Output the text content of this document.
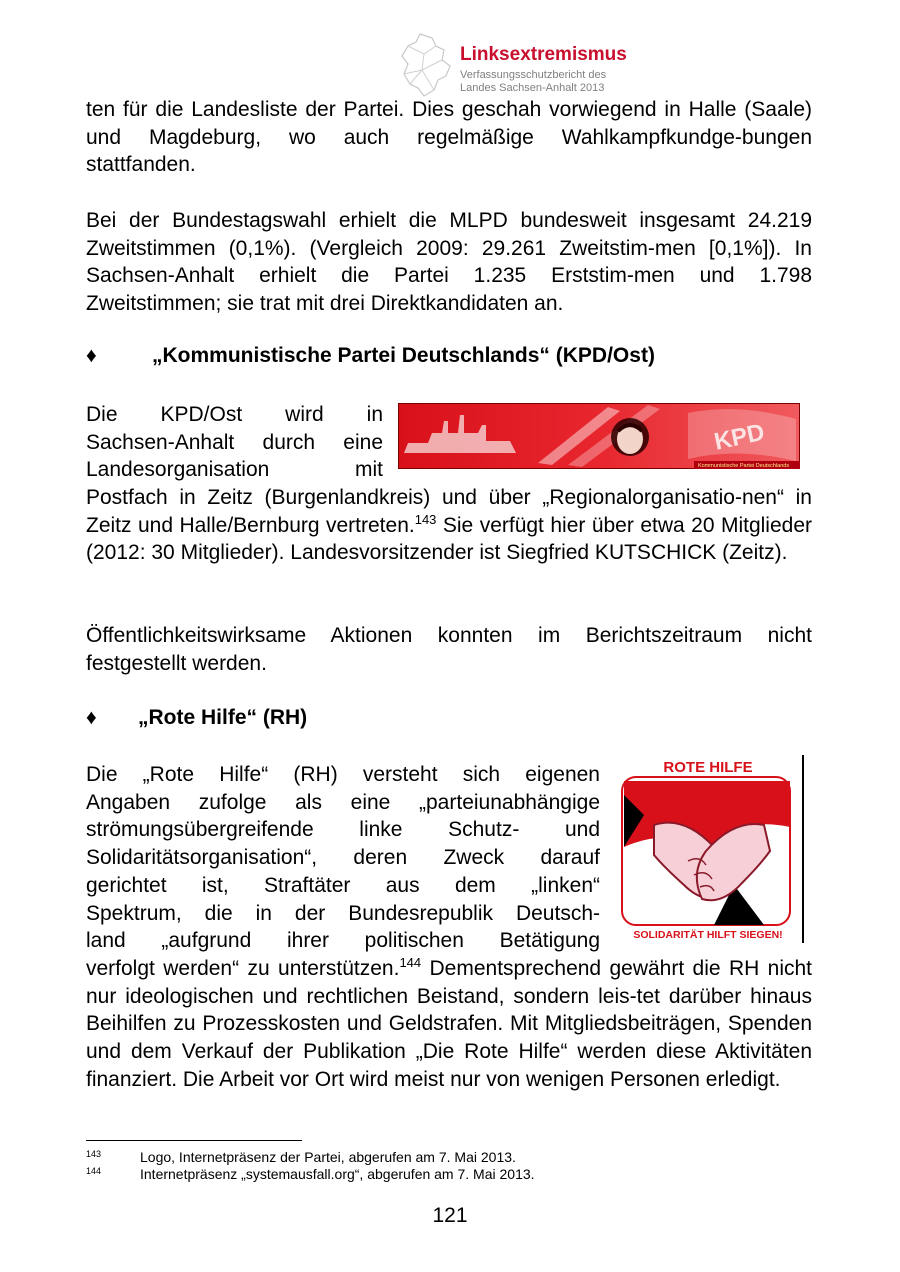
Linksextremismus
Verfassungsschutzbericht des
Landes Sachsen-Anhalt 2013

ten für die Landesliste der Partei. Dies geschah vorwiegend in Halle (Saale) und Magdeburg, wo auch regelmäßige Wahlkampfkundge-bungen stattfanden.

Bei der Bundestagswahl erhielt die MLPD bundesweit insgesamt 24.219 Zweitstimmen (0,1%). (Vergleich 2009: 29.261 Zweitstim-men [0,1%]). In Sachsen-Anhalt erhielt die Partei 1.235 Erststim-men und 1.798 Zweitstimmen; sie trat mit drei Direktkandidaten an.

♦	„Kommunistische Partei Deutschlands“ (KPD/Ost)
Die KPD/Ost wird in
Sachsen-Anhalt durch eine
Landesorganisation mit
KPD
Kommunistische Partei Deutschlands

Postfach in Zeitz (Burgenlandkreis) und über „Regionalorganisatio-nen“ in Zeitz und Halle/Bernburg vertreten.$^{143}$ Sie verfügt hier über etwa 20 Mitglieder (2012: 30 Mitglieder). Landesvorsitzender ist Siegfried KUTSCHICK (Zeitz).

Öffentlichkeitswirksame Aktionen konnten im Berichtszeitraum nicht festgestellt werden.

♦ „Rote Hilfe“ (RH)
Die „Rote Hilfe“ (RH) versteht sich eigenen
Angaben zufolge als eine „parteiunabhängige
strömungsübergreifende linke Schutz- und
Solidaritätsorganisation“, deren Zweck darauf
gerichtet ist, Straftäter aus dem „linken“
Spektrum, die in der Bundesrepublik Deutsch-
land „aufgrund ihrer politischen Betätigung
ROTE HILFE
SOLIDARITÄT HILFT SIEGEN!

verfolgt werden“ zu unterstützen.$^{144}$ Dementsprechend gewährt die RH nicht nur ideologischen und rechtlichen Beistand, sondern leis-tet darüber hinaus Beihilfen zu Prozesskosten und Geldstrafen. Mit Mitgliedsbeiträgen, Spenden und dem Verkauf der Publikation „Die Rote Hilfe“ werden diese Aktivitäten finanziert. Die Arbeit vor Ort wird meist nur von wenigen Personen erledigt.

143	Logo, Internetpräsenz der Partei, abgerufen am 7. Mai 2013.
144	Internetpräsenz „systemausfall.org“, abgerufen am 7. Mai 2013.
121
